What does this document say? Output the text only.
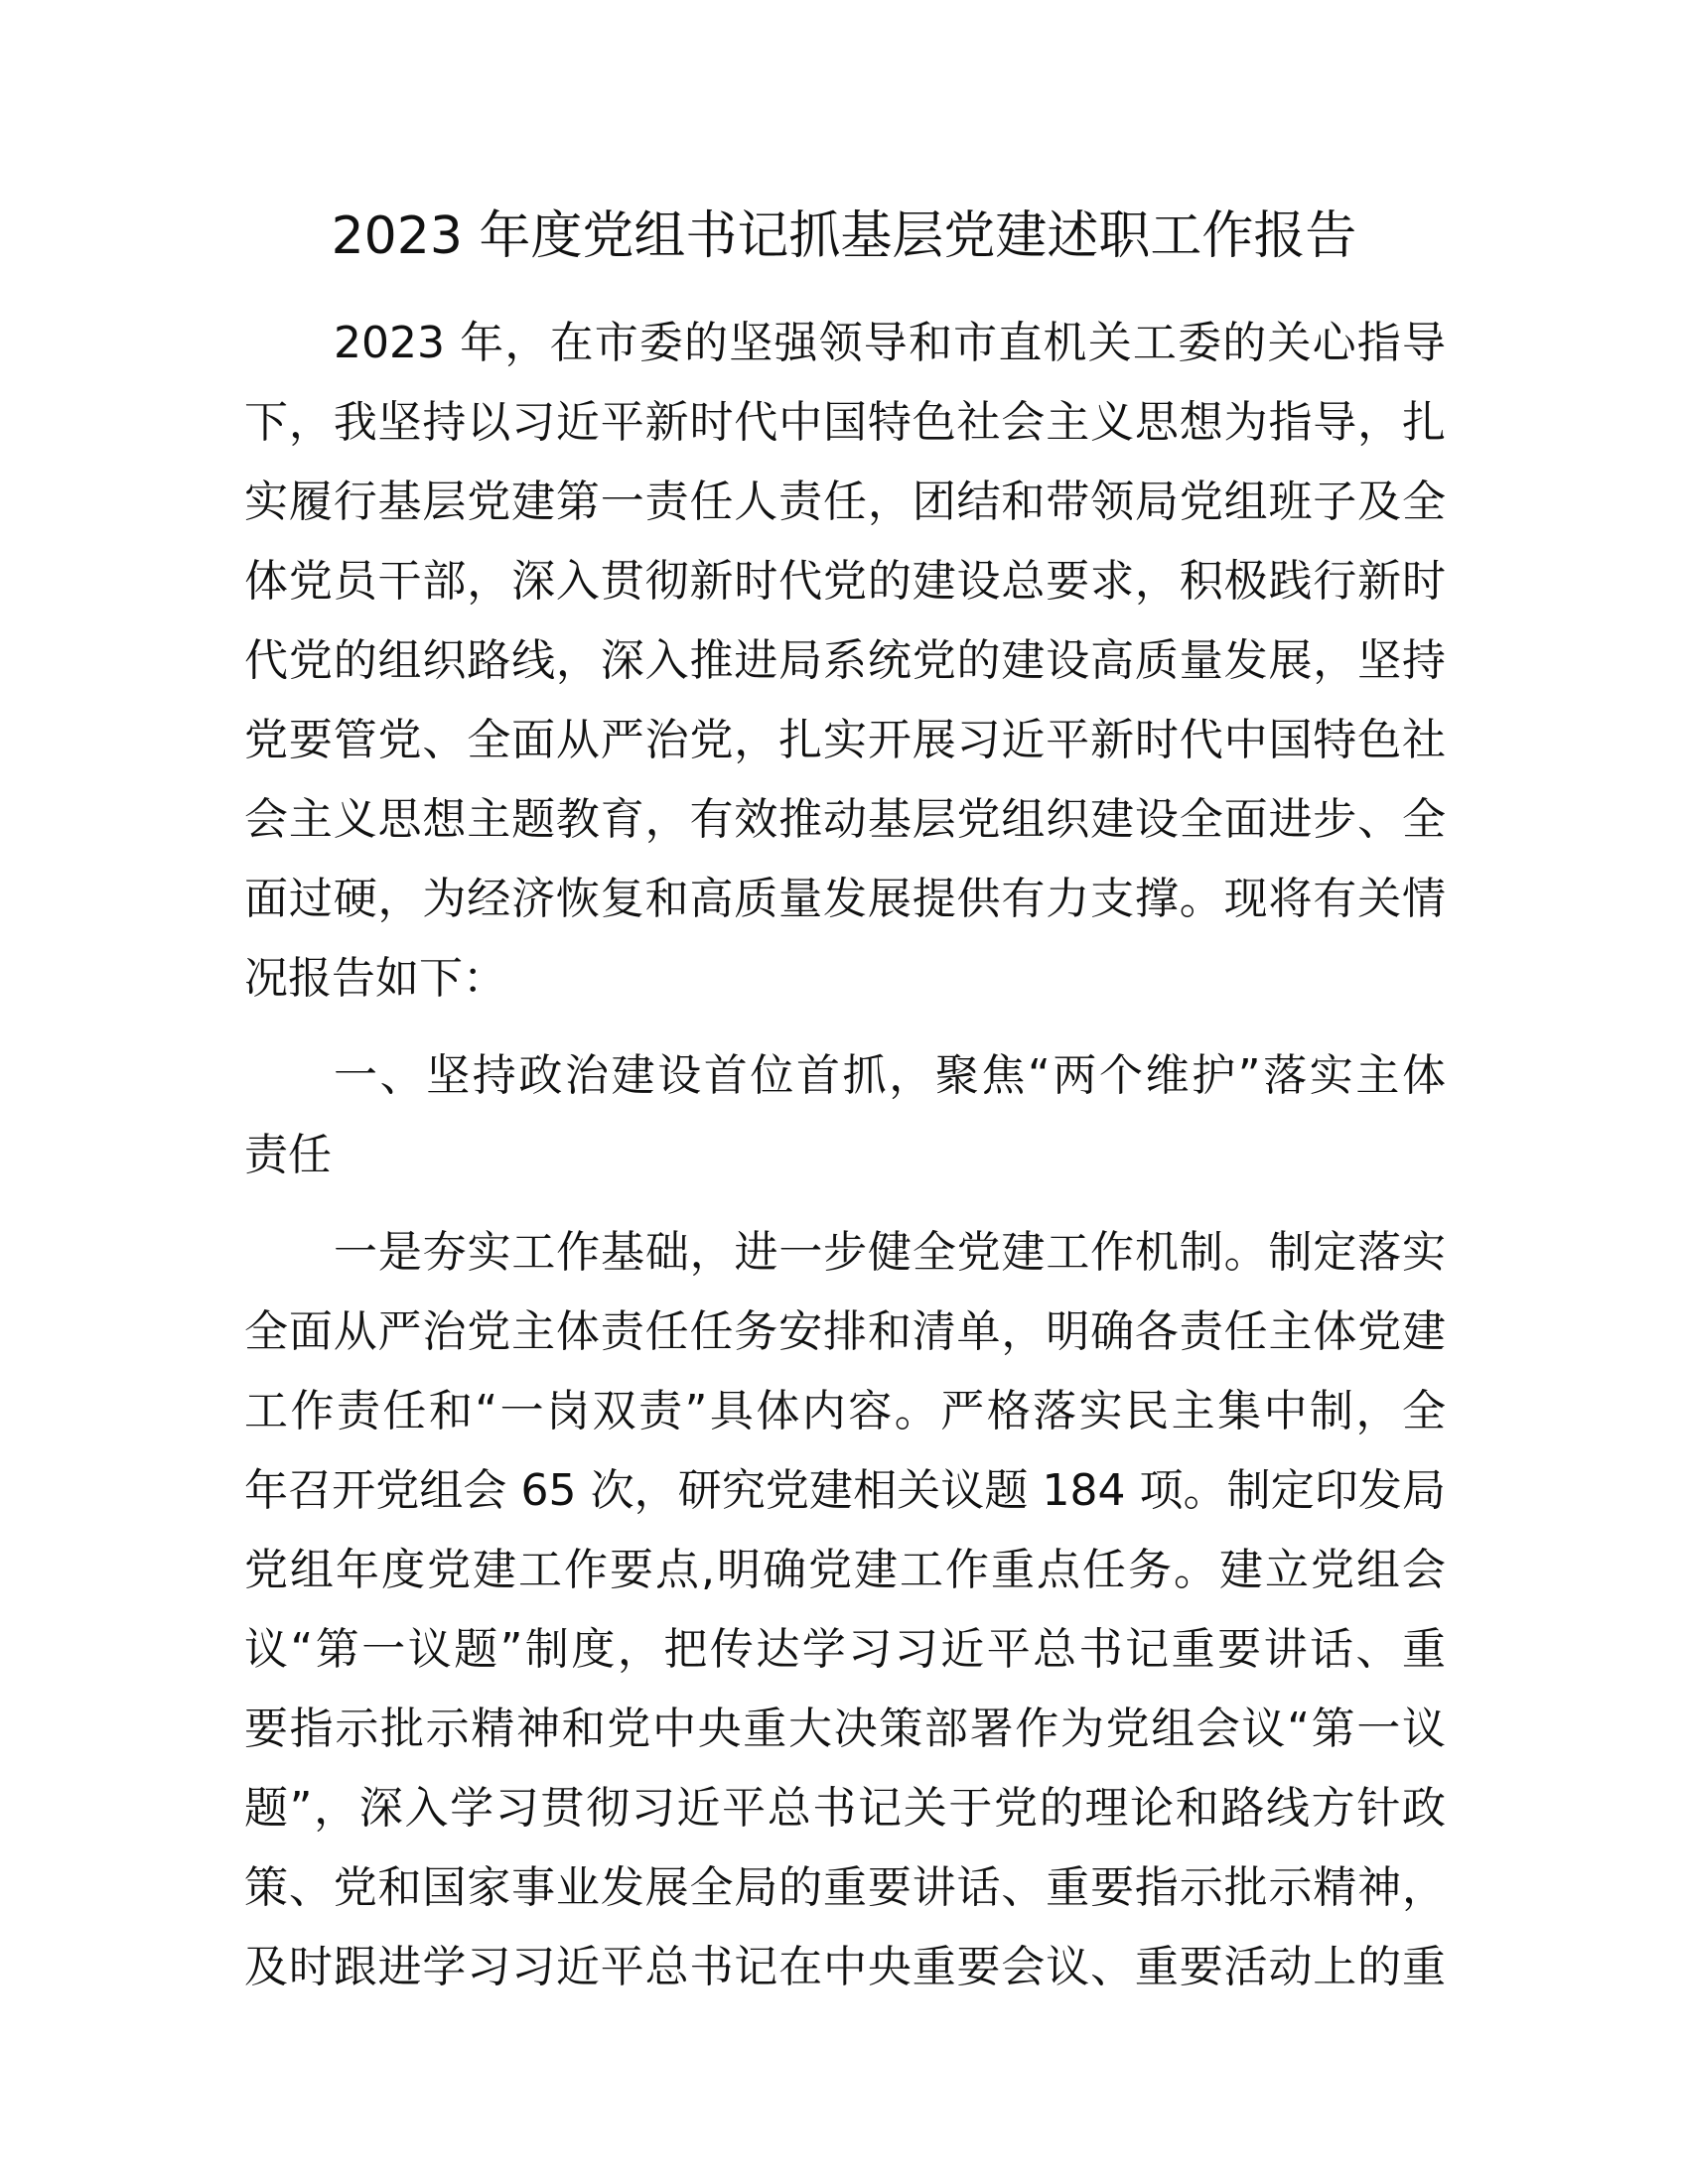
2023 年度党组书记抓基层党建述职工作报告
2023 年，在市委的坚强领导和市直机关工委的关心指导
下，我坚持以习近平新时代中国特色社会主义思想为指导，扎
实履行基层党建第一责任人责任，团结和带领局党组班子及全
体党员干部，深入贯彻新时代党的建设总要求，积极践行新时
代党的组织路线，深入推进局系统党的建设高质量发展，坚持
党要管党、全面从严治党，扎实开展习近平新时代中国特色社
会主义思想主题教育，有效推动基层党组织建设全面进步、全
面过硬，为经济恢复和高质量发展提供有力支撑。现将有关情
况报告如下：
一、坚持政治建设首位首抓，聚焦“两个维护”落实主体
责任
一是夯实工作基础，进一步健全党建工作机制。制定落实
全面从严治党主体责任任务安排和清单，明确各责任主体党建
工作责任和“一岗双责”具体内容。严格落实民主集中制，全
年召开党组会 65 次，研究党建相关议题 184 项。制定印发局
党组年度党建工作要点,明确党建工作重点任务。建立党组会
议“第一议题”制度，把传达学习习近平总书记重要讲话、重
要指示批示精神和党中央重大决策部署作为党组会议“第一议
题”，深入学习贯彻习近平总书记关于党的理论和路线方针政
策、党和国家事业发展全局的重要讲话、重要指示批示精神，
及时跟进学习习近平总书记在中央重要会议、重要活动上的重
